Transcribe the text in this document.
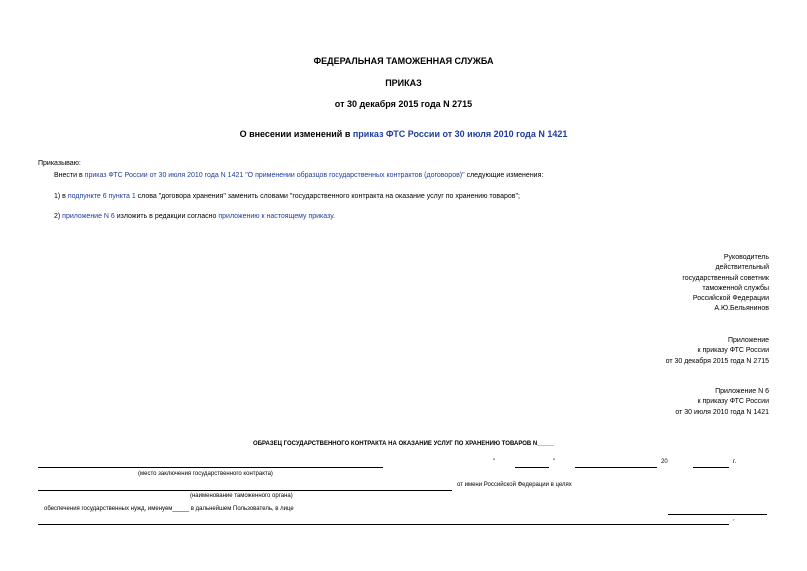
ФЕДЕРАЛЬНАЯ ТАМОЖЕННАЯ СЛУЖБА
ПРИКАЗ
от 30 декабря 2015 года N 2715
О внесении изменений в приказ ФТС России от 30 июля 2010 года N 1421
Приказываю:
Внести в приказ ФТС России от 30 июля 2010 года N 1421 "О применении образцов государственных контрактов (договоров)" следующие изменения:
1) в подпункте 6 пункта 1 слова "договора хранения" заменить словами "государственного контракта на оказание услуг по хранению товаров";
2) приложение N 6 изложить в редакции согласно приложению к настоящему приказу.
Руководитель
действительный
государственный советник
таможенной службы
Российской Федерации
А.Ю.Бельянинов
Приложение
к приказу ФТС России
от 30 декабря 2015 года N 2715
Приложение N 6
к приказу ФТС России
от 30 июля 2010 года N 1421
ОБРАЗЕЦ ГОСУДАРСТВЕННОГО КОНТРАКТА НА ОКАЗАНИЕ УСЛУГ ПО ХРАНЕНИЮ ТОВАРОВ N_____
"	"	20	г.
(место заключения государственного контракта)
от имени Российской Федерации в целях
(наименование таможенного органа)
обеспечения государственных нужд, именуем_____ в дальнейшем Пользователь, в лице
,
